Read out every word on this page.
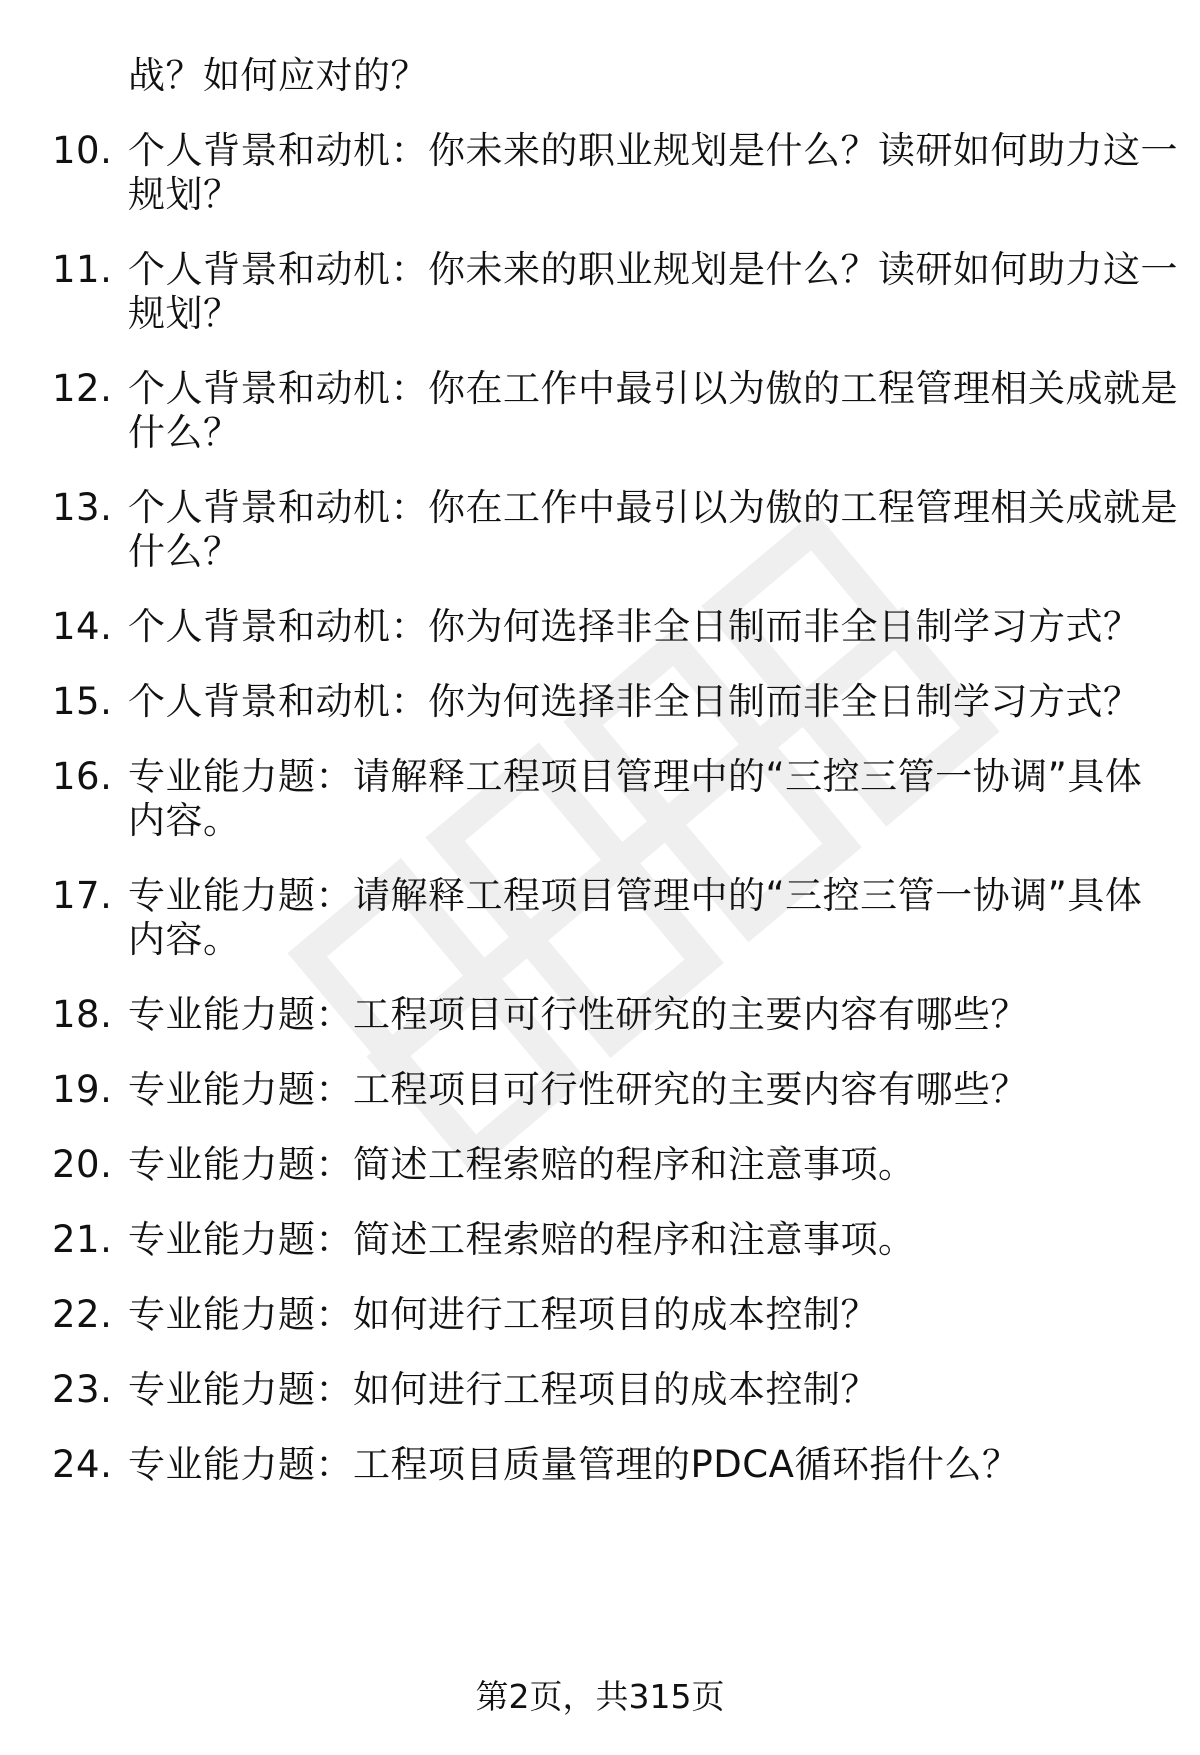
战？如何应对的？
10. 个人背景和动机：你未来的职业规划是什么？读研如何助力这一
规划？
11. 个人背景和动机：你未来的职业规划是什么？读研如何助力这一
规划？
12. 个人背景和动机：你在工作中最引以为傲的工程管理相关成就是
什么？
13. 个人背景和动机：你在工作中最引以为傲的工程管理相关成就是
什么？
14. 个人背景和动机：你为何选择非全日制而非全日制学习方式？
15. 个人背景和动机：你为何选择非全日制而非全日制学习方式？
16. 专业能力题：请解释工程项目管理中的“三控三管一协调”具体
内容。
17. 专业能力题：请解释工程项目管理中的“三控三管一协调”具体
内容。
18. 专业能力题：工程项目可行性研究的主要内容有哪些？
19. 专业能力题：工程项目可行性研究的主要内容有哪些？
20. 专业能力题：简述工程索赔的程序和注意事项。
21. 专业能力题：简述工程索赔的程序和注意事项。
22. 专业能力题：如何进行工程项目的成本控制？
23. 专业能力题：如何进行工程项目的成本控制？
24. 专业能力题：工程项目质量管理的PDCA循环指什么？
第2页，共315页
